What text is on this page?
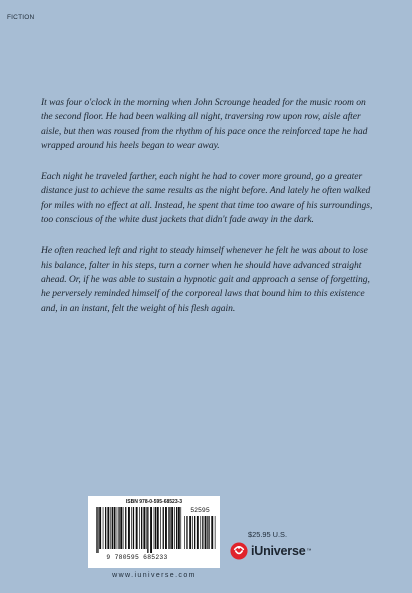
FICTION

It was four o'clock in the morning when John Scrounge headed for the music room on the second floor. He had been walking all night, traversing row upon row, aisle after aisle, but then was roused from the rhythm of his pace once the reinforced tape he had wrapped around his heels began to wear away.

Each night he traveled farther, each night he had to cover more ground, go a greater distance just to achieve the same results as the night before. And lately he often walked for miles with no effect at all. Instead, he spent that time too aware of his surroundings, too conscious of the white dust jackets that didn't fade away in the dark.

He often reached left and right to steady himself whenever he felt he was about to lose his balance, falter in his steps, turn a corner when he should have advanced straight ahead. Or, if he was able to sustain a hypnotic gait and approach a sense of forgetting, he perversely reminded himself of the corporeal laws that bound him to this existence and, in an instant, felt the weight of his flesh again.

ISBN 978-0-595-68523-3
52595
9 780595 685233
www.iuniverse.com
$25.95 U.S.
iUniverse ™
